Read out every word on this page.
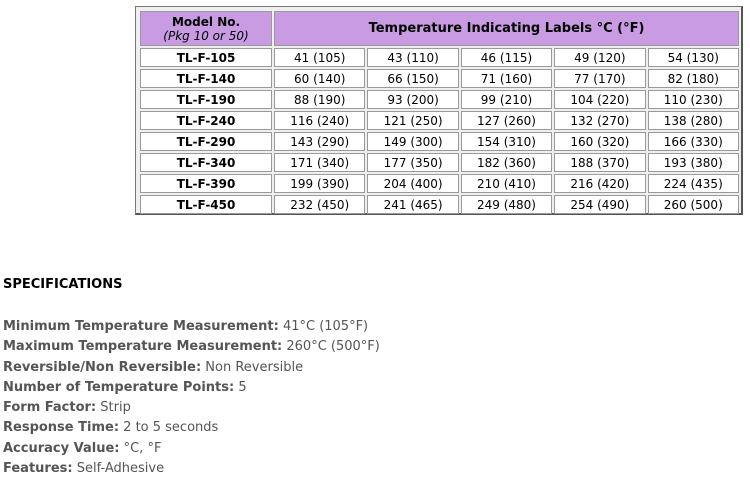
Model No.
(Pkg 10 or 50)	Temperature Indicating Labels °C (°F)				
TL-F-105	41 (105)	43 (110)	46 (115)	49 (120)	54 (130)
TL-F-140	60 (140)	66 (150)	71 (160)	77 (170)	82 (180)
TL-F-190	88 (190)	93 (200)	99 (210)	104 (220)	110 (230)
TL-F-240	116 (240)	121 (250)	127 (260)	132 (270)	138 (280)
TL-F-290	143 (290)	149 (300)	154 (310)	160 (320)	166 (330)
TL-F-340	171 (340)	177 (350)	182 (360)	188 (370)	193 (380)
TL-F-390	199 (390)	204 (400)	210 (410)	216 (420)	224 (435)
TL-F-450	232 (450)	241 (465)	249 (480)	254 (490)	260 (500)
SPECIFICATIONS
Minimum Temperature Measurement: 41°C (105°F)
Maximum Temperature Measurement: 260°C (500°F)
Reversible/Non Reversible: Non Reversible
Number of Temperature Points: 5
Form Factor: Strip
Response Time: 2 to 5 seconds
Accuracy Value: °C, °F
Features: Self-Adhesive
